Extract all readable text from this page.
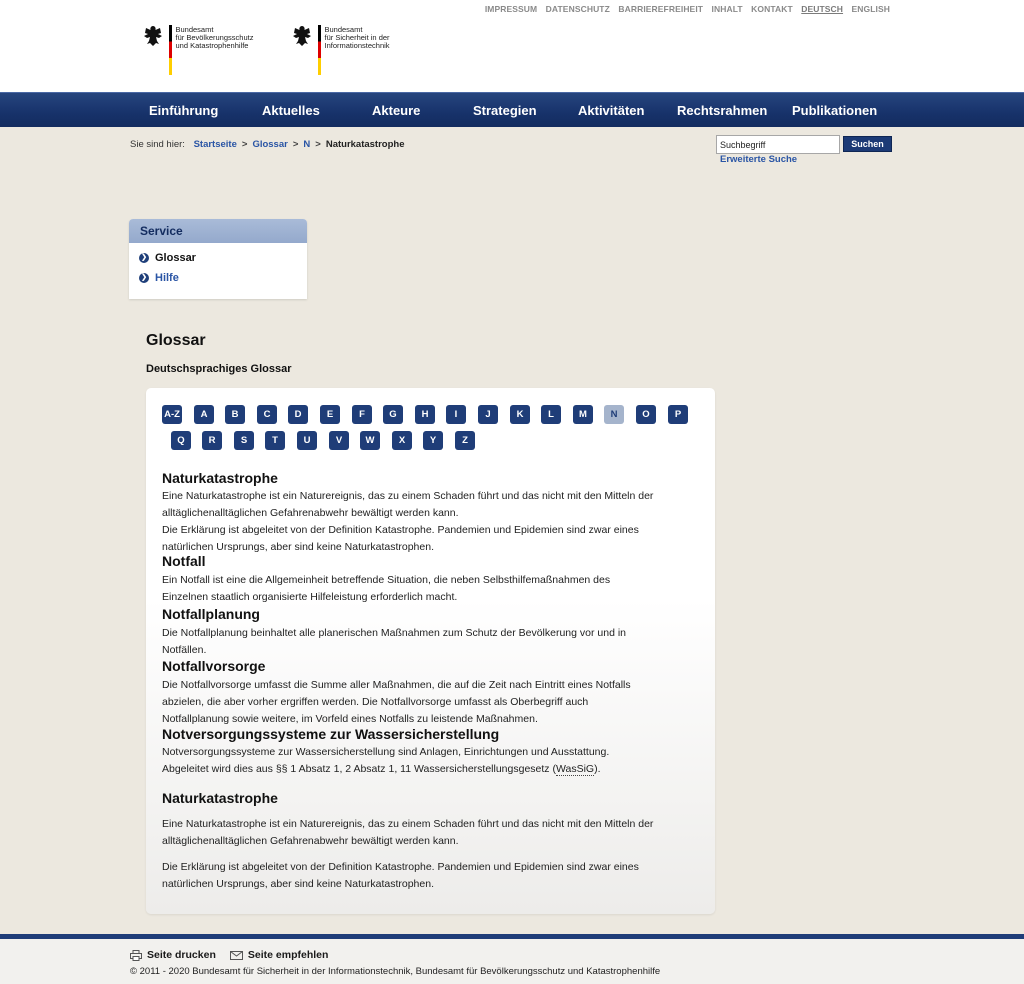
IMPRESSUM DATENSCHUTZ BARRIEREFREIHEIT INHALT KONTAKT DEUTSCH ENGLISH
Bundesamt
für Bevölkerungsschutz
und Katastrophenhilfe
Bundesamt
für Sicherheit in der
Informationstechnik
Einführung	Aktuelles	Akteure	Strategien	Aktivitäten	Rechtsrahmen Publikationen
Sie sind hier: Startseite > Glossar > N > Naturkatastrophe
Suchbegriff	Suchen
Erweiterte Suche
Service
❯ Glossar
❯ Hilfe
Glossar
Deutschsprachiges Glossar
A-Z	A	B	C	D	E	F	G	H	I	J	K	L	M	N	O	P
Q	R	S	T	U	V	W	X	Y	Z
Naturkatastrophe
Eine Naturkatastrophe ist ein Naturereignis, das zu einem Schaden führt und das nicht mit den Mitteln der
alltäglichenalltäglichen Gefahrenabwehr bewältigt werden kann.
Die Erklärung ist abgeleitet von der Definition Katastrophe. Pandemien und Epidemien sind zwar eines
natürlichen Ursprungs, aber sind keine Naturkatastrophen.
Notfall
Ein Notfall ist eine die Allgemeinheit betreffende Situation, die neben Selbsthilfemaßnahmen des
Einzelnen staatlich organisierte Hilfeleistung erforderlich macht.
Notfallplanung
Die Notfallplanung beinhaltet alle planerischen Maßnahmen zum Schutz der Bevölkerung vor und in
Notfällen.
Notfallvorsorge
Die Notfallvorsorge umfasst die Summe aller Maßnahmen, die auf die Zeit nach Eintritt eines Notfalls
abzielen, die aber vorher ergriffen werden. Die Notfallvorsorge umfasst als Oberbegriff auch
Notfallplanung sowie weitere, im Vorfeld eines Notfalls zu leistende Maßnahmen.
Notversorgungssysteme zur Wassersicherstellung
Notversorgungssysteme zur Wassersicherstellung sind Anlagen, Einrichtungen und Ausstattung.
Abgeleitet wird dies aus §§ 1 Absatz 1, 2 Absatz 1, 11 Wassersicherstellungsgesetz (WasSiG).
Naturkatastrophe
Eine Naturkatastrophe ist ein Naturereignis, das zu einem Schaden führt und das nicht mit den Mitteln der
alltäglichenalltäglichen Gefahrenabwehr bewältigt werden kann.
Die Erklärung ist abgeleitet von der Definition Katastrophe. Pandemien und Epidemien sind zwar eines
natürlichen Ursprungs, aber sind keine Naturkatastrophen.
Seite drucken	Seite empfehlen
© 2011 - 2020 Bundesamt für Sicherheit in der Informationstechnik, Bundesamt für Bevölkerungsschutz und Katastrophenhilfe
